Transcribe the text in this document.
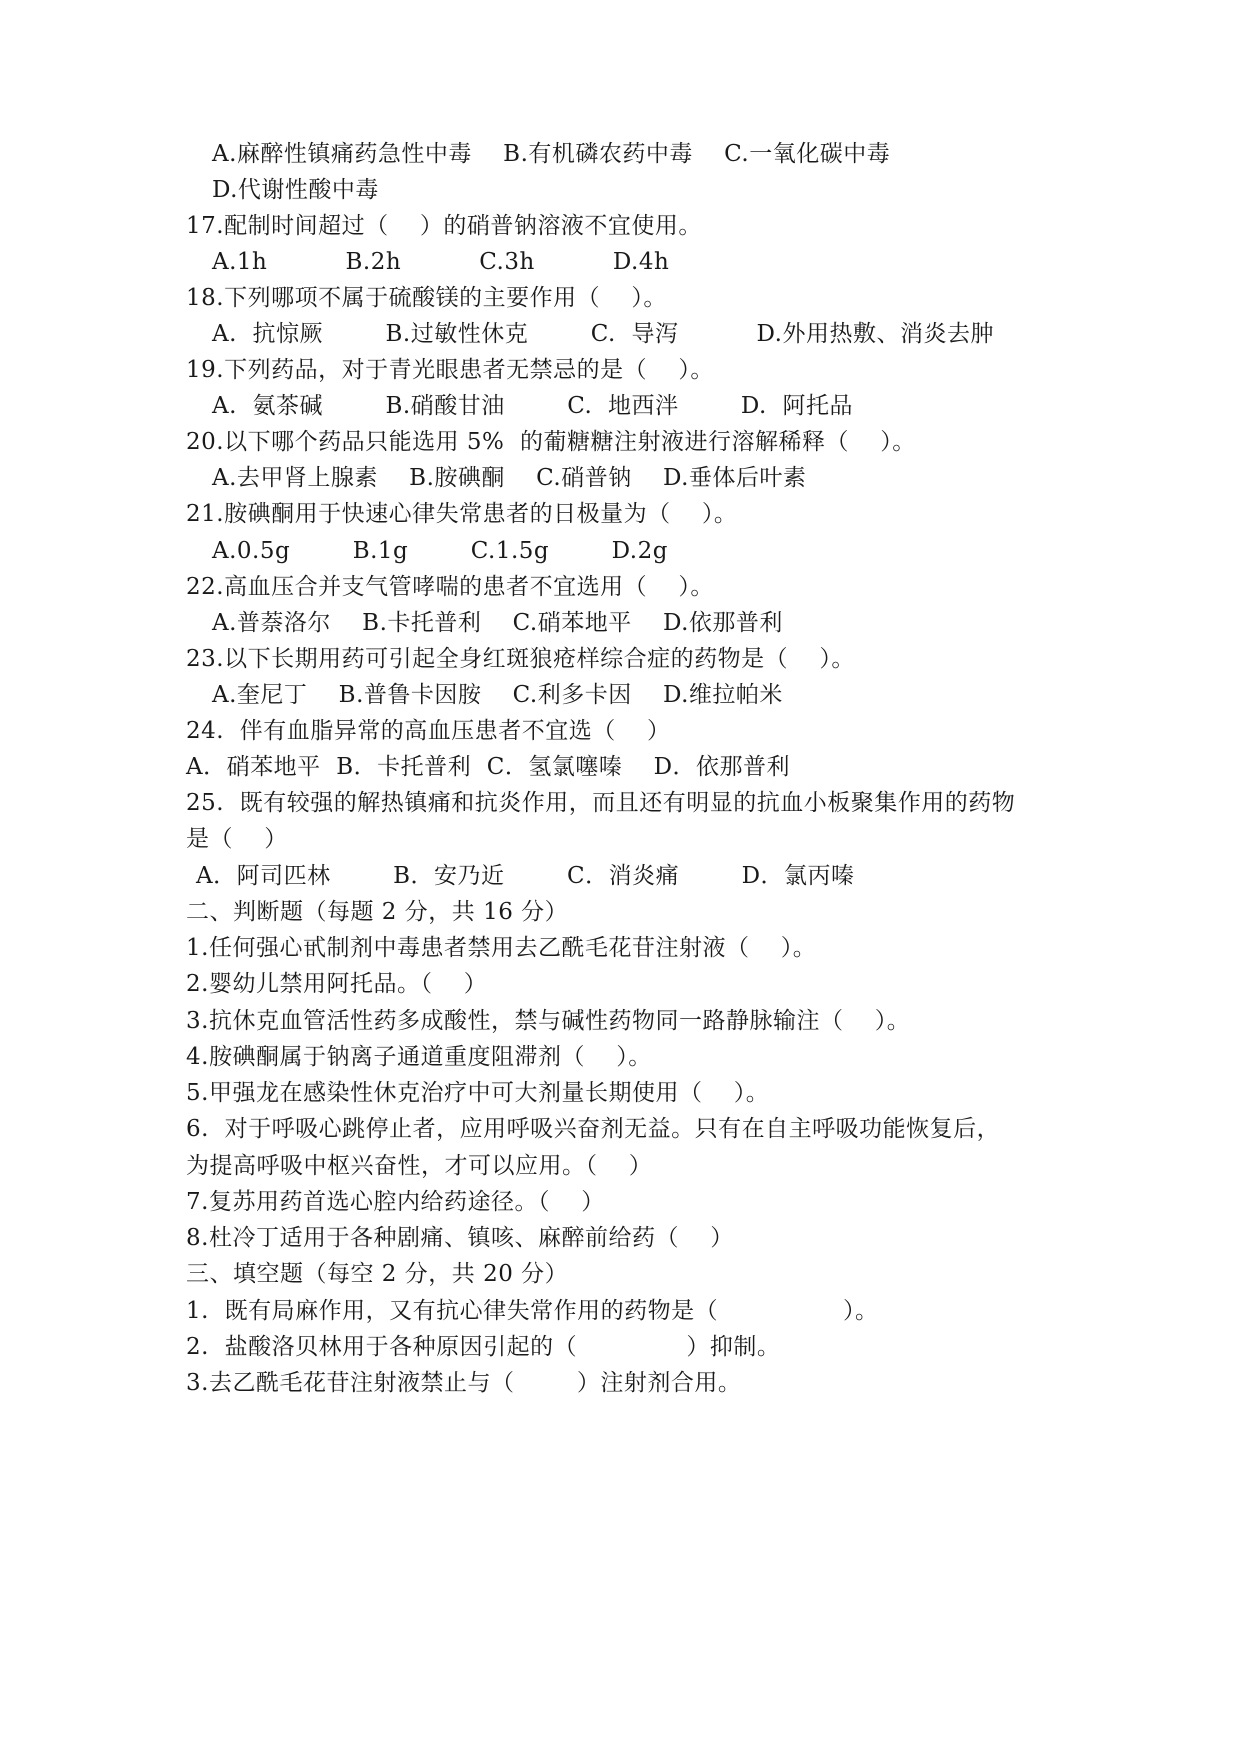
A.麻醉性镇痛药急性中毒    B.有机磷农药中毒    C.一氧化碳中毒
D.代谢性酸中毒
17.配制时间超过（    ）的硝普钠溶液不宜使用。
A.1h          B.2h          C.3h          D.4h
18.下列哪项不属于硫酸镁的主要作用（    ）。
A.  抗惊厥        B.过敏性休克        C.  导泻          D.外用热敷、消炎去肿
19.下列药品，对于青光眼患者无禁忌的是（    ）。
A.  氨茶碱        B.硝酸甘油        C.  地西泮        D.  阿托品
20.以下哪个药品只能选用 5%  的葡糖糖注射液进行溶解稀释（    ）。
A.去甲肾上腺素    B.胺碘酮    C.硝普钠    D.垂体后叶素
21.胺碘酮用于快速心律失常患者的日极量为（    ）。
A.0.5g        B.1g        C.1.5g        D.2g
22.高血压合并支气管哮喘的患者不宜选用（    ）。
A.普萘洛尔    B.卡托普利    C.硝苯地平    D.依那普利
23.以下长期用药可引起全身红斑狼疮样综合症的药物是（    ）。
A.奎尼丁    B.普鲁卡因胺    C.利多卡因    D.维拉帕米
24.  伴有血脂异常的高血压患者不宜选（    ）
A．硝苯地平  B．卡托普利  C．氢氯噻嗪    D．依那普利
25.  既有较强的解热镇痛和抗炎作用，而且还有明显的抗血小板聚集作用的药物
是（    ）
A．阿司匹林        B．安乃近        C．消炎痛        D．氯丙嗪
二、判断题（每题 2 分，共 16 分）
1.任何强心甙制剂中毒患者禁用去乙酰毛花苷注射液（    ）。
2.婴幼儿禁用阿托品。（    ）
3.抗休克血管活性药多成酸性，禁与碱性药物同一路静脉输注（    ）。
4.胺碘酮属于钠离子通道重度阻滞剂（    ）。
5.甲强龙在感染性休克治疗中可大剂量长期使用（    ）。
6.  对于呼吸心跳停止者，应用呼吸兴奋剂无益。只有在自主呼吸功能恢复后，
为提高呼吸中枢兴奋性，才可以应用。（    ）
7.复苏用药首选心腔内给药途径。（    ）
8.杜冷丁适用于各种剧痛、镇咳、麻醉前给药（    ）
三、填空题（每空 2 分，共 20 分）
1.  既有局麻作用，又有抗心律失常作用的药物是（                ）。
2.  盐酸洛贝林用于各种原因引起的（              ）抑制。
3.去乙酰毛花苷注射液禁止与（        ）注射剂合用。
